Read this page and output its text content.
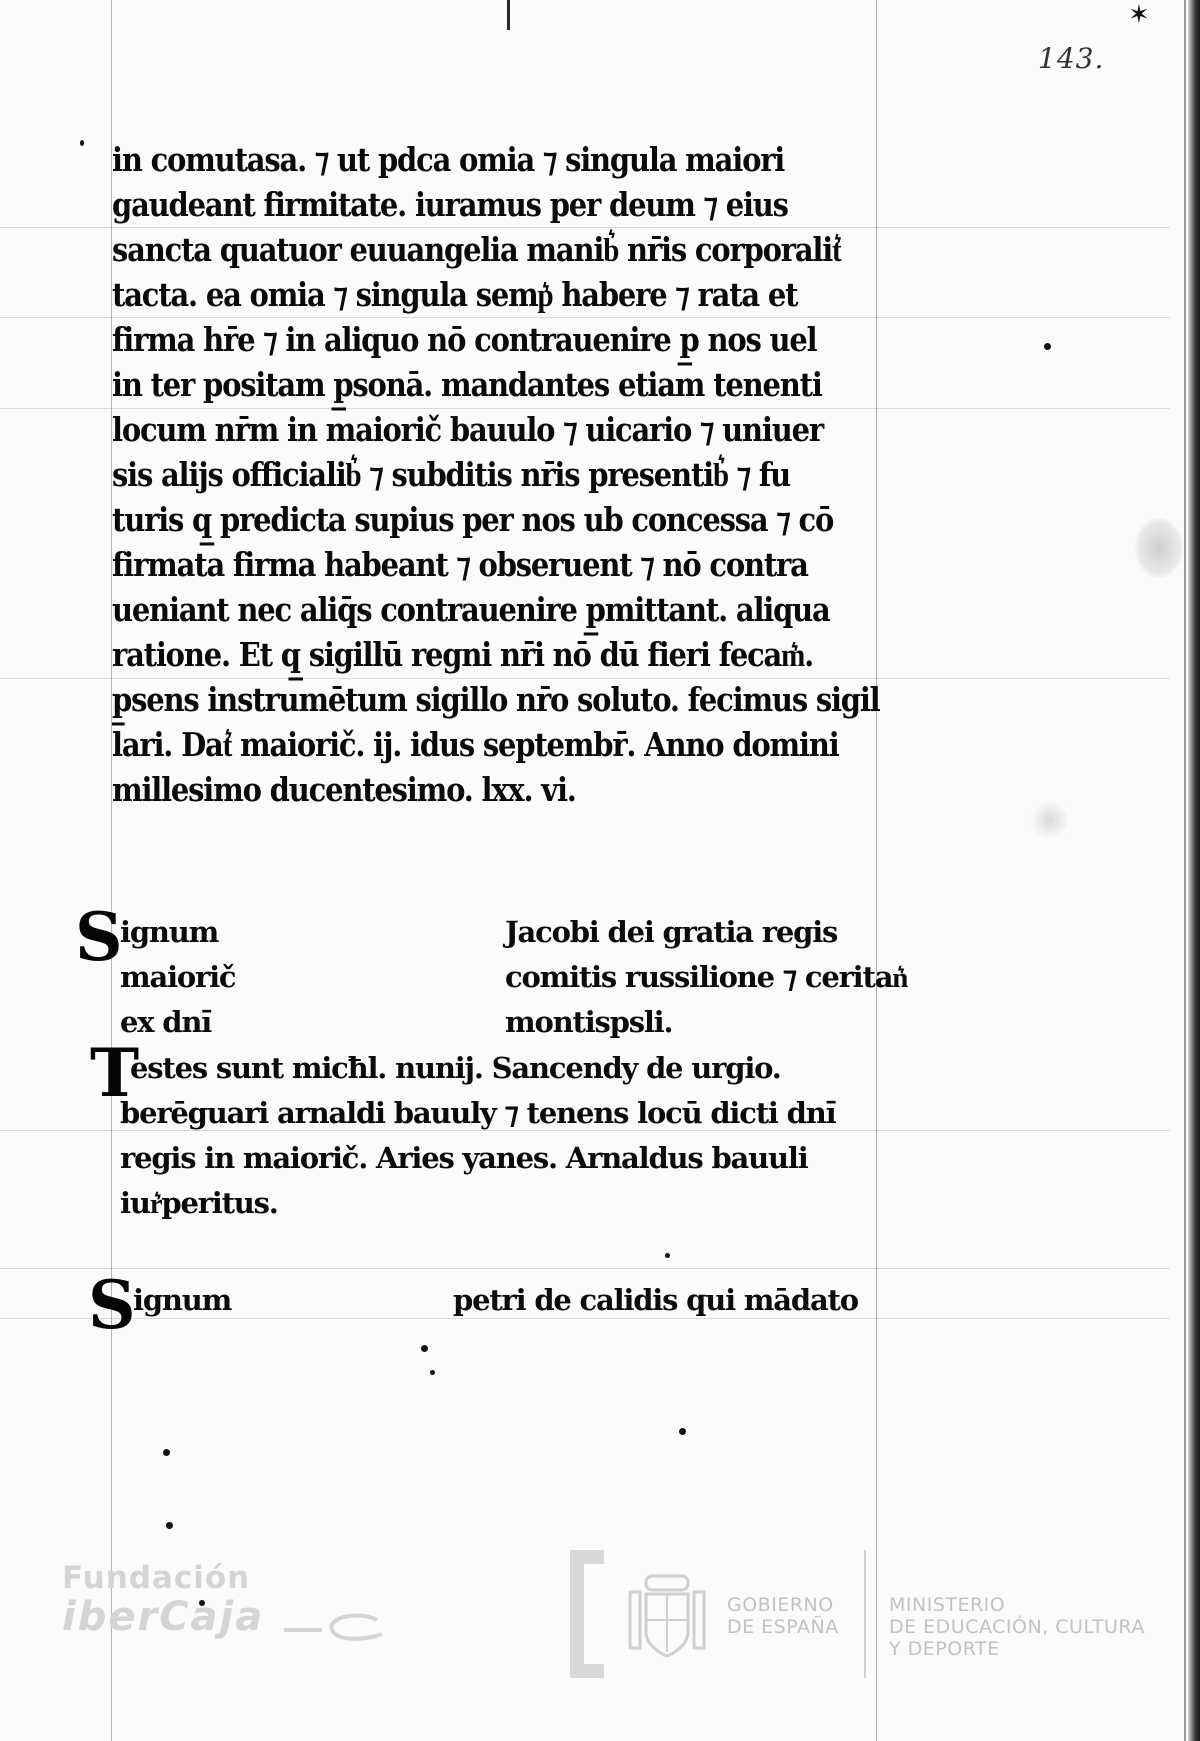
143.
✶
in comutasa. ⁊ ut pdca omia ⁊ singula maiori
gaudeant firmitate. iuramus per deum ⁊ eius
sancta quatuor euuangelia manib͛ nr̄is corporalit͛
tacta. ea omia ⁊ singula semp͛ habere ⁊ rata et
firma hr̄e ⁊ in aliquo nō contrauenire p̲ nos uel
in ter positam p̲sonā. mandantes etiam tenenti
locum nr̄m in maiorič bauulo ⁊ uicario ⁊ uniuer
sis alijs officialib͛ ⁊ subditis nr̄is presentib͛ ⁊ fu
turis q̲ predicta supius per nos ub concessa ⁊ cō
firmata firma habeant ⁊ obseruent ⁊ nō contra
ueniant nec aliq̄s contrauenire p̲mittant. aliqua
ratione. Et q̲ sigillū regni nr̄i nō dū fieri fecam͛.
p̲sens instrumētum sigillo nr̄o soluto. fecimus sigil
lari. Dat͛ maiorič. ij. idus septembr̄. Anno domini
millesimo ducentesimo. lxx. vi.
S
ignum	Jacobi dei gratia regis
maiorič	comitis russilione ⁊ ceritan͛
ex dnı̄	montispsli.
T
estes sunt micħl. nunij. Sancendy de urgio.
berēguari arnaldi bauuly ⁊ tenens locū dicti dnı̄
regis in maiorič. Aries yanes. Arnaldus bauuli
iur͛peritus.
S
ignum	petri de calidis qui mādato
Fundación
iberCaja	GOBIERNO
DE ESPAÑA
MINISTERIO
DE EDUCACIÓN, CULTURA
Y DEPORTE
